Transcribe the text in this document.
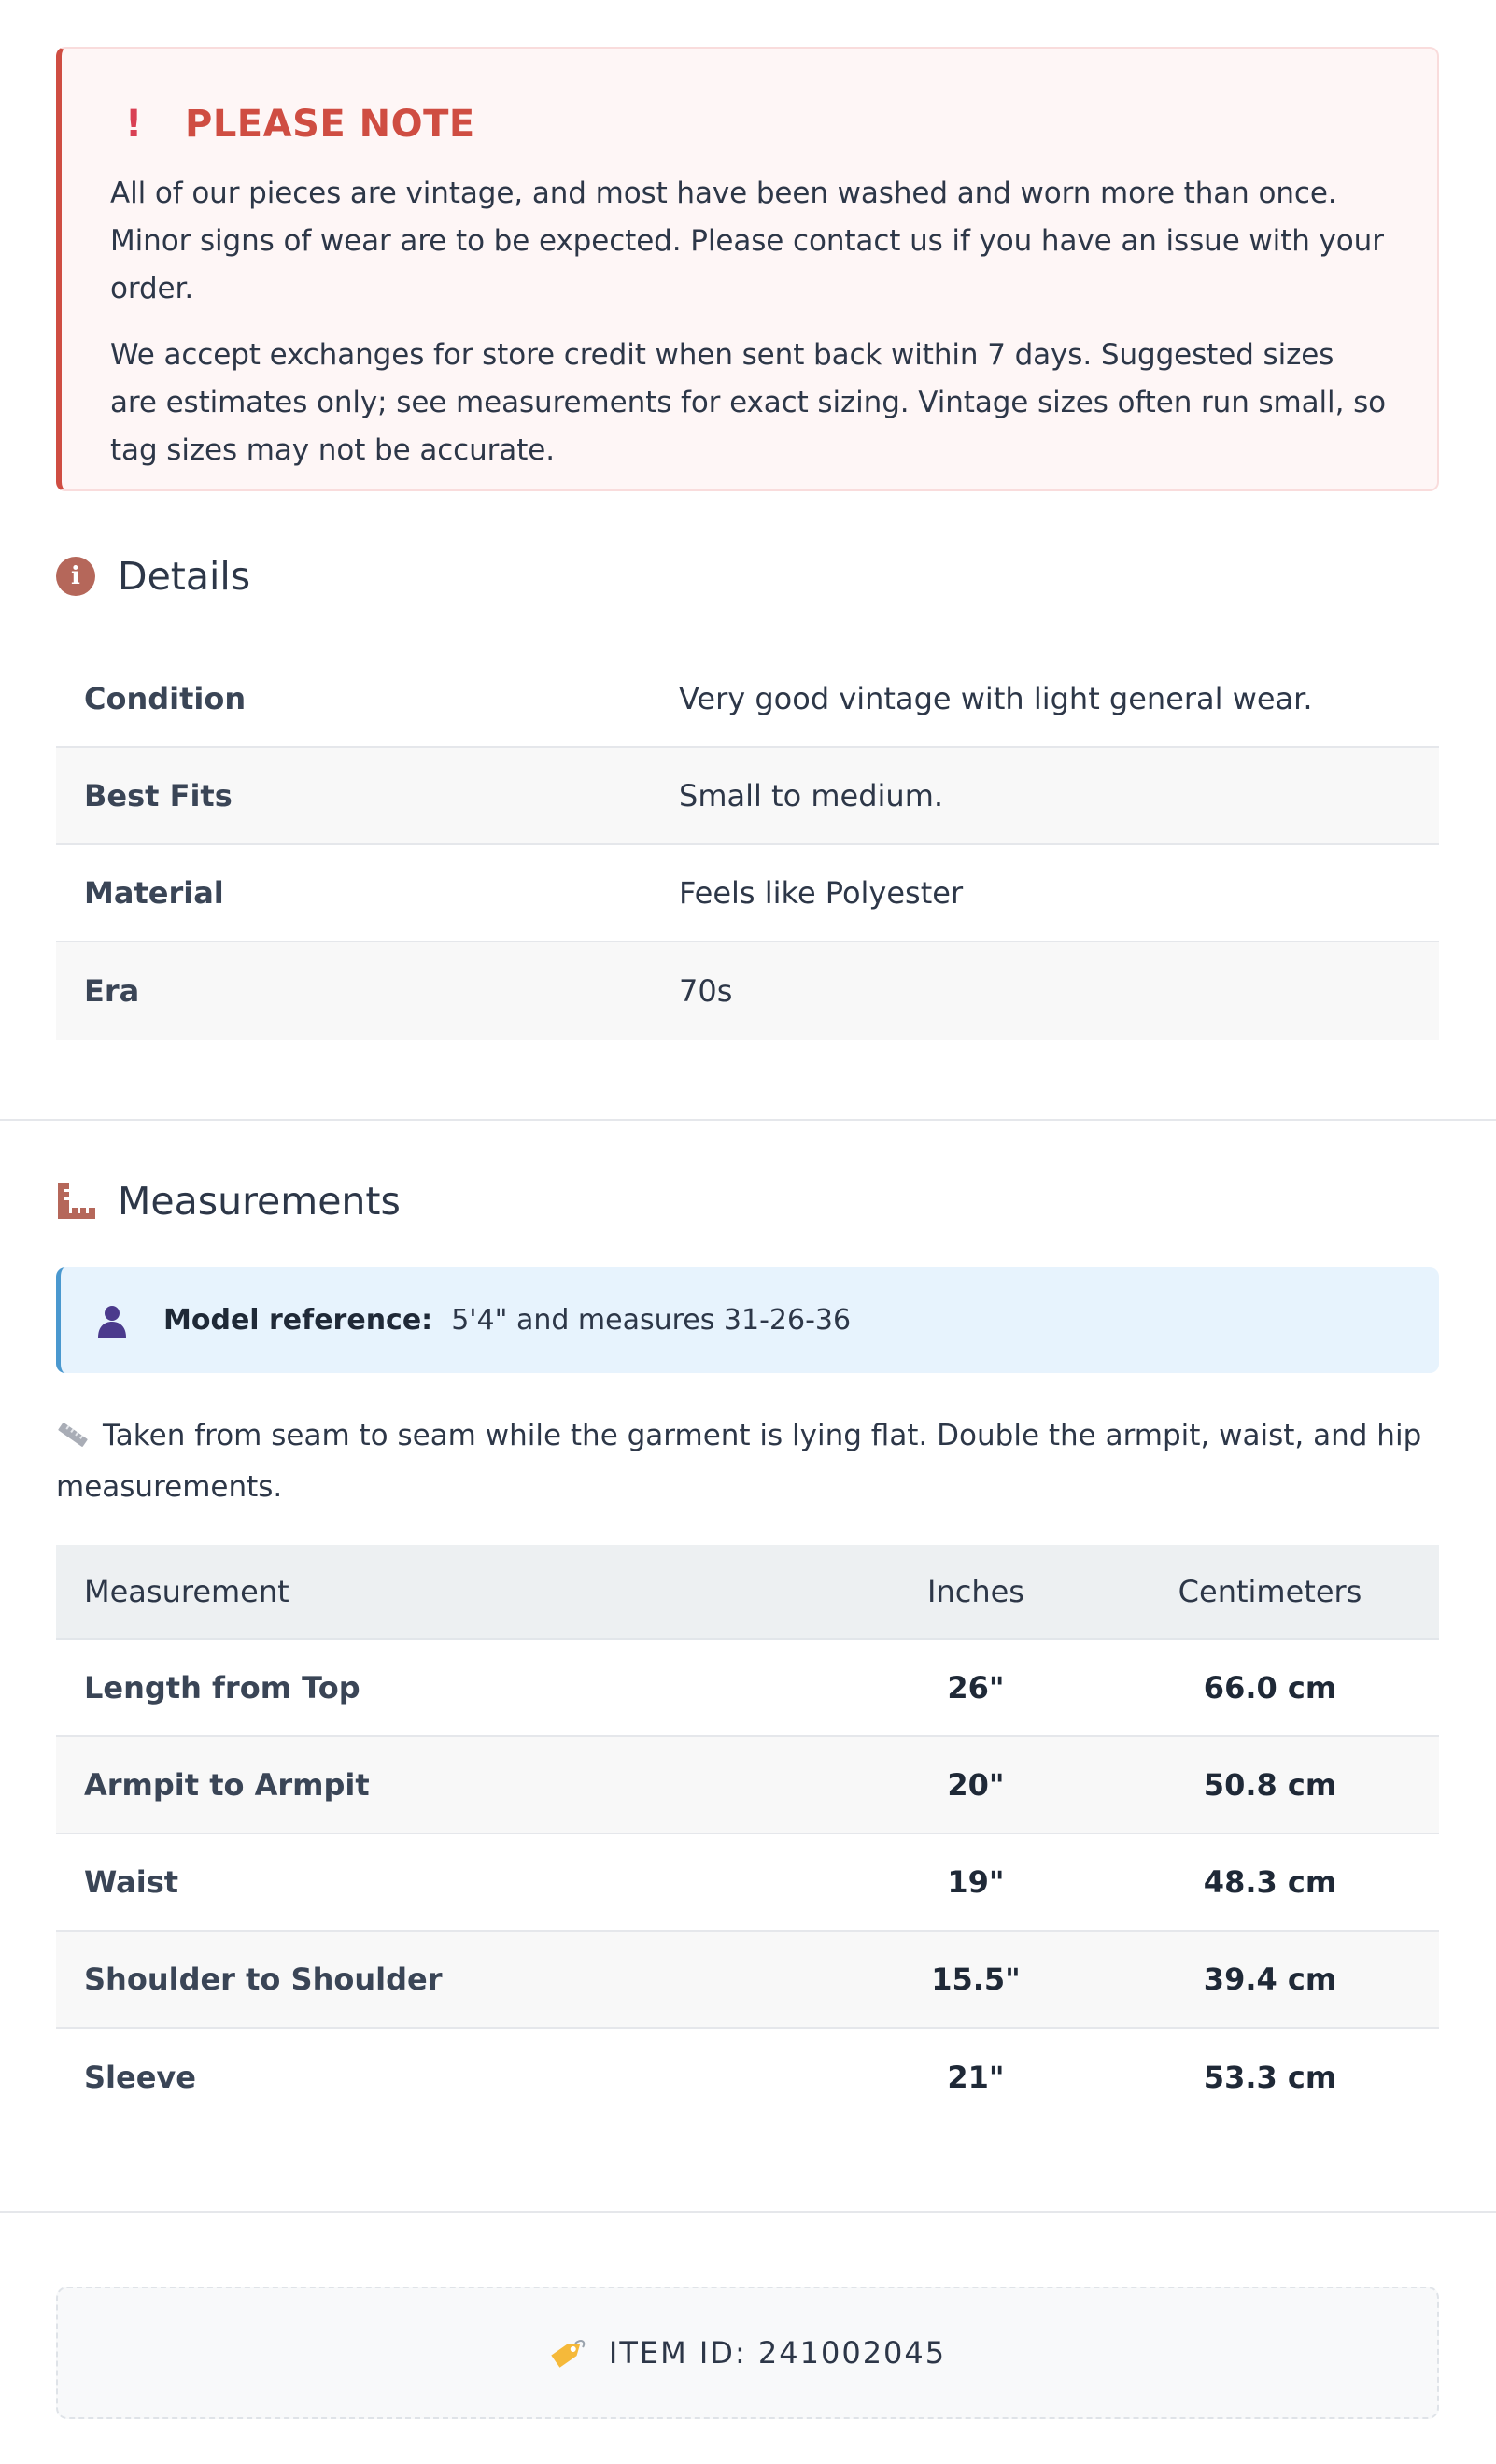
!	PLEASE NOTE

All of our pieces are vintage, and most have been washed and worn more than once. Minor signs of wear are to be expected. Please contact us if you have an issue with your order.

We accept exchanges for store credit when sent back within 7 days. Suggested sizes are estimates only; see measurements for exact sizing. Vintage sizes often run small, so tag sizes may not be accurate.

i Details
Condition	Very good vintage with light general wear.
Best Fits	Small to medium.
Material	Feels like Polyester
Era	70s
Measurements
Model reference: 5'4" and measures 31-26-36
Taken from seam to seam while the garment is lying flat. Double the armpit, waist, and hip measurements.
Measurement	Inches	Centimeters
Length from Top	26"	66.0 cm
Armpit to Armpit	20"	50.8 cm
Waist	19"	48.3 cm
Shoulder to Shoulder	15.5"	39.4 cm
Sleeve	21"	53.3 cm
ITEM ID: 241002045
